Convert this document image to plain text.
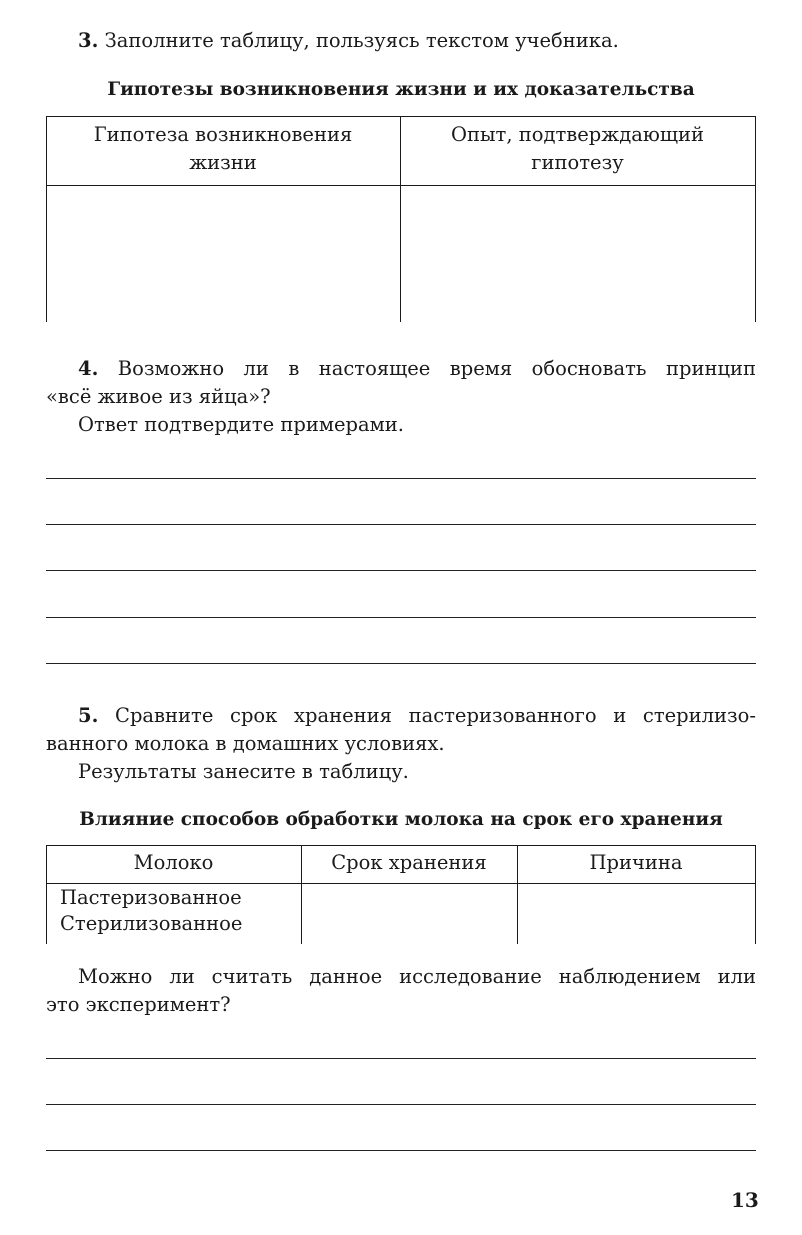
3. Заполните таблицу, пользуясь текстом учебника.
Гипотезы возникновения жизни и их доказательства
Гипотеза возникновения
жизни
Опыт, подтверждающий
гипотезу
4. Возможно ли в настоящее время обосновать принцип
«всё живое из яйца»?
Ответ подтвердите примерами.
5. Сравните срок хранения пастеризованного и стерилизо-
ванного молока в домашних условиях.
Результаты занесите в таблицу.
Влияние способов обработки молока на срок его хранения
Молоко	Срок хранения	Причина
Пастеризованное
Стерилизованное
Можно ли считать данное исследование наблюдением или
это эксперимент?
13
